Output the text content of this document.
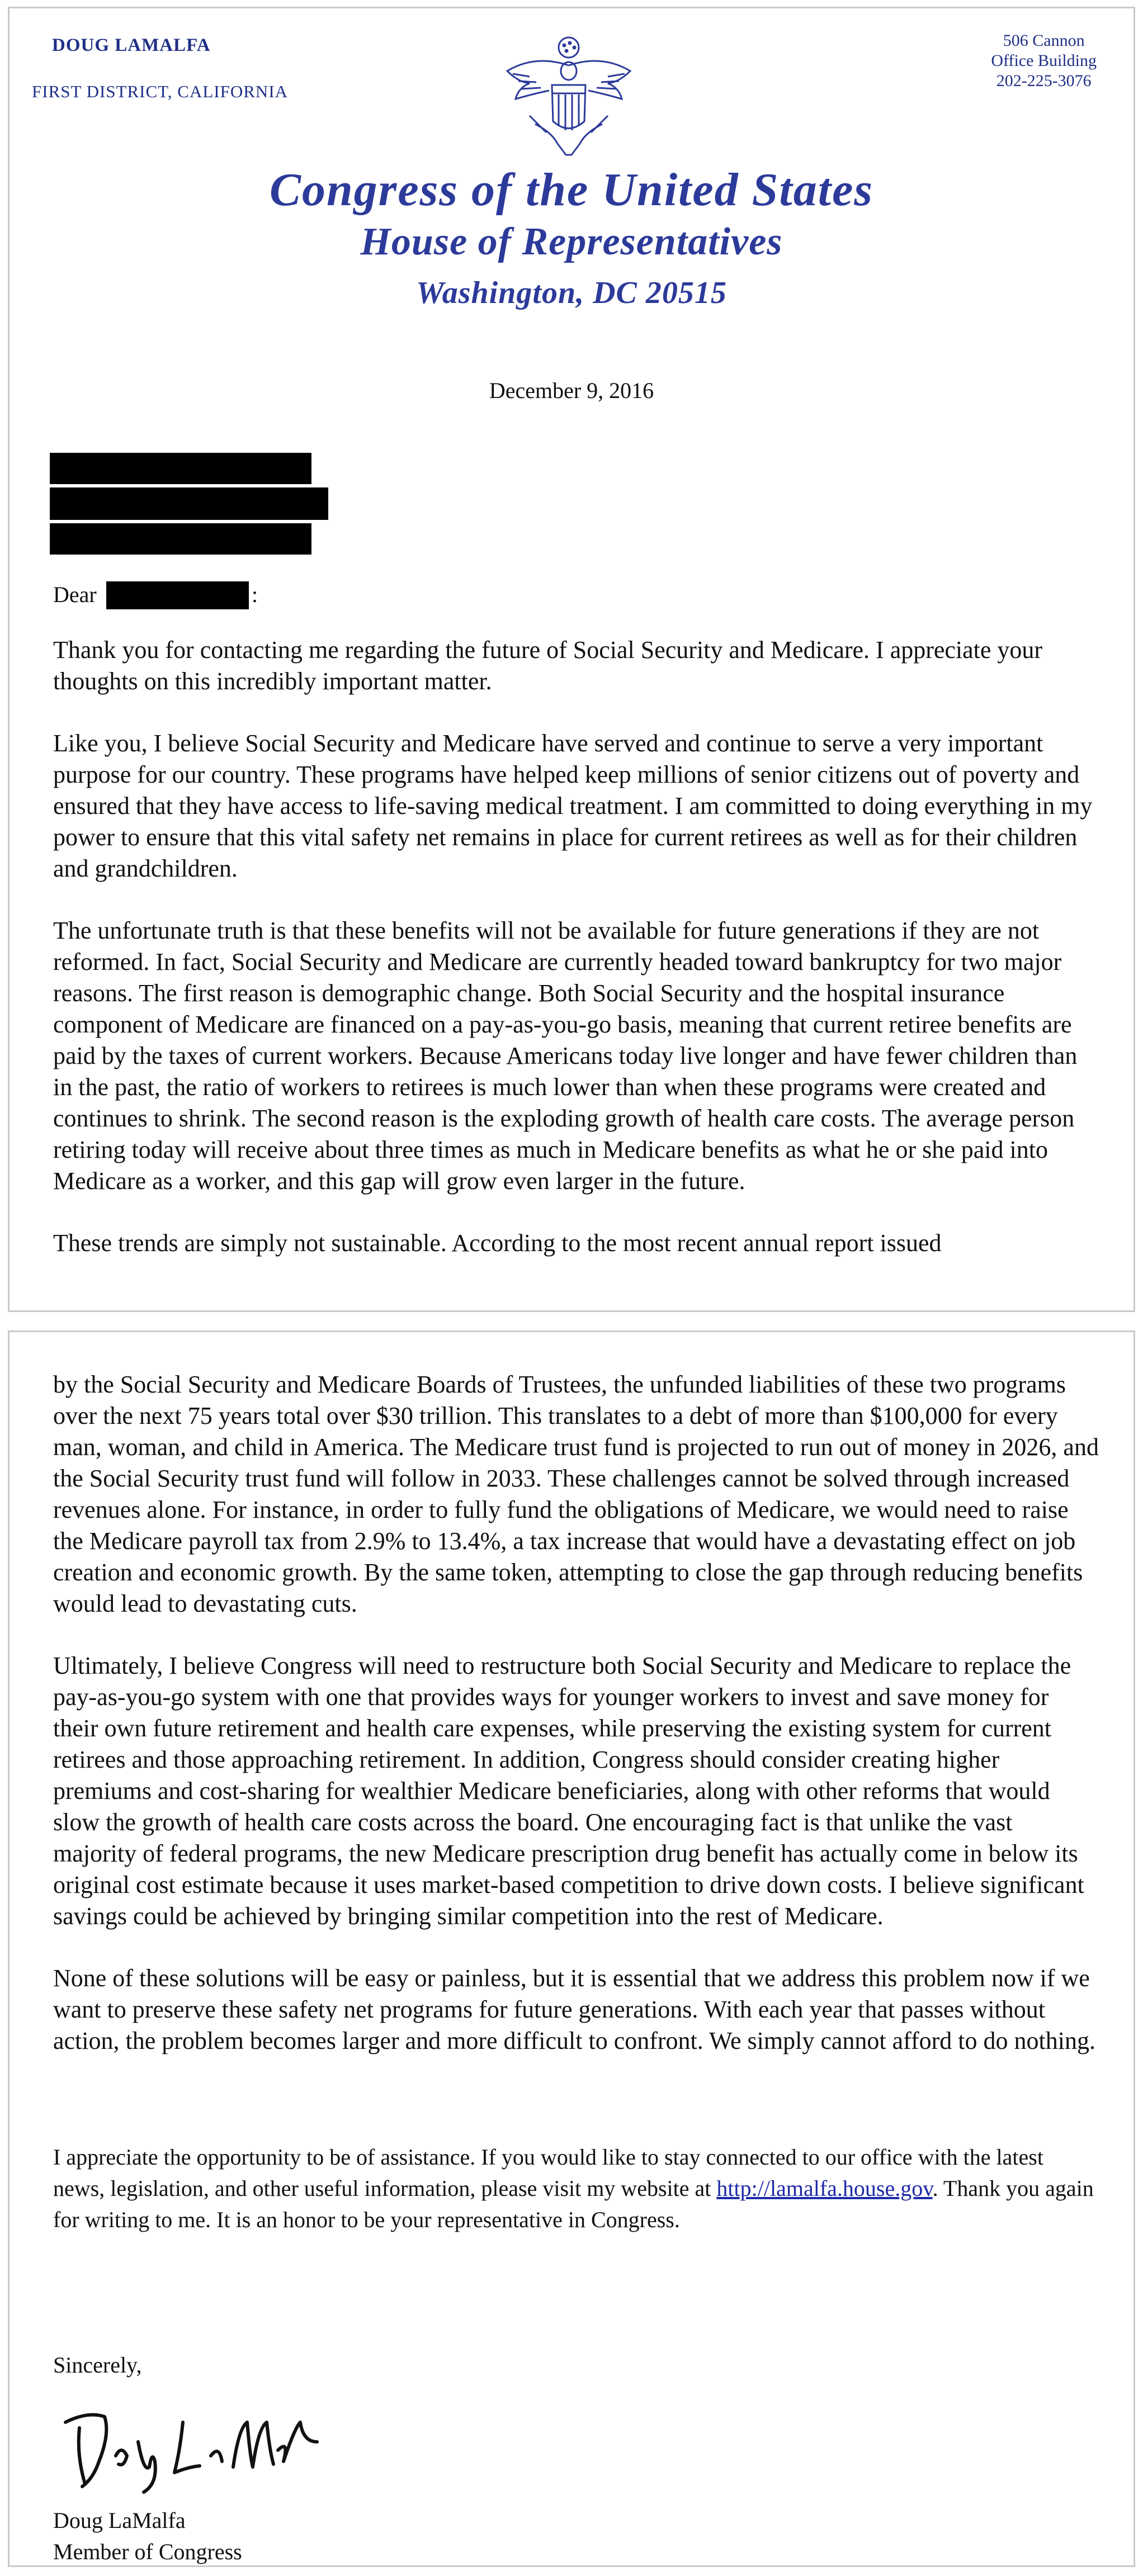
DOUG LAMALFA
FIRST DISTRICT, CALIFORNIA
506 Cannon
Office Building
202-225-3076
Congress of the United States
House of Representatives
Washington, DC 20515
December 9, 2016
Dear	:

Thank you for contacting me regarding the future of Social Security and Medicare. I appreciate your thoughts on this incredibly important matter.

Like you, I believe Social Security and Medicare have served and continue to serve a very important purpose for our country. These programs have helped keep millions of senior citizens out of poverty and ensured that they have access to life-saving medical treatment. I am committed to doing everything in my power to ensure that this vital safety net remains in place for current retirees as well as for their children and grandchildren.

The unfortunate truth is that these benefits will not be available for future generations if they are not reformed. In fact, Social Security and Medicare are currently headed toward bankruptcy for two major reasons. The first reason is demographic change. Both Social Security and the hospital insurance component of Medicare are financed on a pay-as-you-go basis, meaning that current retiree benefits are paid by the taxes of current workers. Because Americans today live longer and have fewer children than in the past, the ratio of workers to retirees is much lower than when these programs were created and continues to shrink. The second reason is the exploding growth of health care costs. The average person retiring today will receive about three times as much in Medicare benefits as what he or she paid into Medicare as a worker, and this gap will grow even larger in the future.

These trends are simply not sustainable. According to the most recent annual report issued

by the Social Security and Medicare Boards of Trustees, the unfunded liabilities of these two programs over the next 75 years total over $30 trillion. This translates to a debt of more than $100,000 for every man, woman, and child in America. The Medicare trust fund is projected to run out of money in 2026, and the Social Security trust fund will follow in 2033. These challenges cannot be solved through increased revenues alone. For instance, in order to fully fund the obligations of Medicare, we would need to raise the Medicare payroll tax from 2.9% to 13.4%, a tax increase that would have a devastating effect on job creation and economic growth. By the same token, attempting to close the gap through reducing benefits would lead to devastating cuts.

Ultimately, I believe Congress will need to restructure both Social Security and Medicare to replace the pay-as-you-go system with one that provides ways for younger workers to invest and save money for their own future retirement and health care expenses, while preserving the existing system for current retirees and those approaching retirement. In addition, Congress should consider creating higher premiums and cost-sharing for wealthier Medicare beneficiaries, along with other reforms that would slow the growth of health care costs across the board. One encouraging fact is that unlike the vast majority of federal programs, the new Medicare prescription drug benefit has actually come in below its original cost estimate because it uses market-based competition to drive down costs. I believe significant savings could be achieved by bringing similar competition into the rest of Medicare.

None of these solutions will be easy or painless, but it is essential that we address this problem now if we want to preserve these safety net programs for future generations. With each year that passes without action, the problem becomes larger and more difficult to confront. We simply cannot afford to do nothing.

I appreciate the opportunity to be of assistance. If you would like to stay connected to our office with the latest news, legislation, and other useful information, please visit my website at http://lamalfa.house.gov. Thank you again for writing to me. It is an honor to be your representative in Congress.
Sincerely,
Doug LaMalfa
Member of Congress
